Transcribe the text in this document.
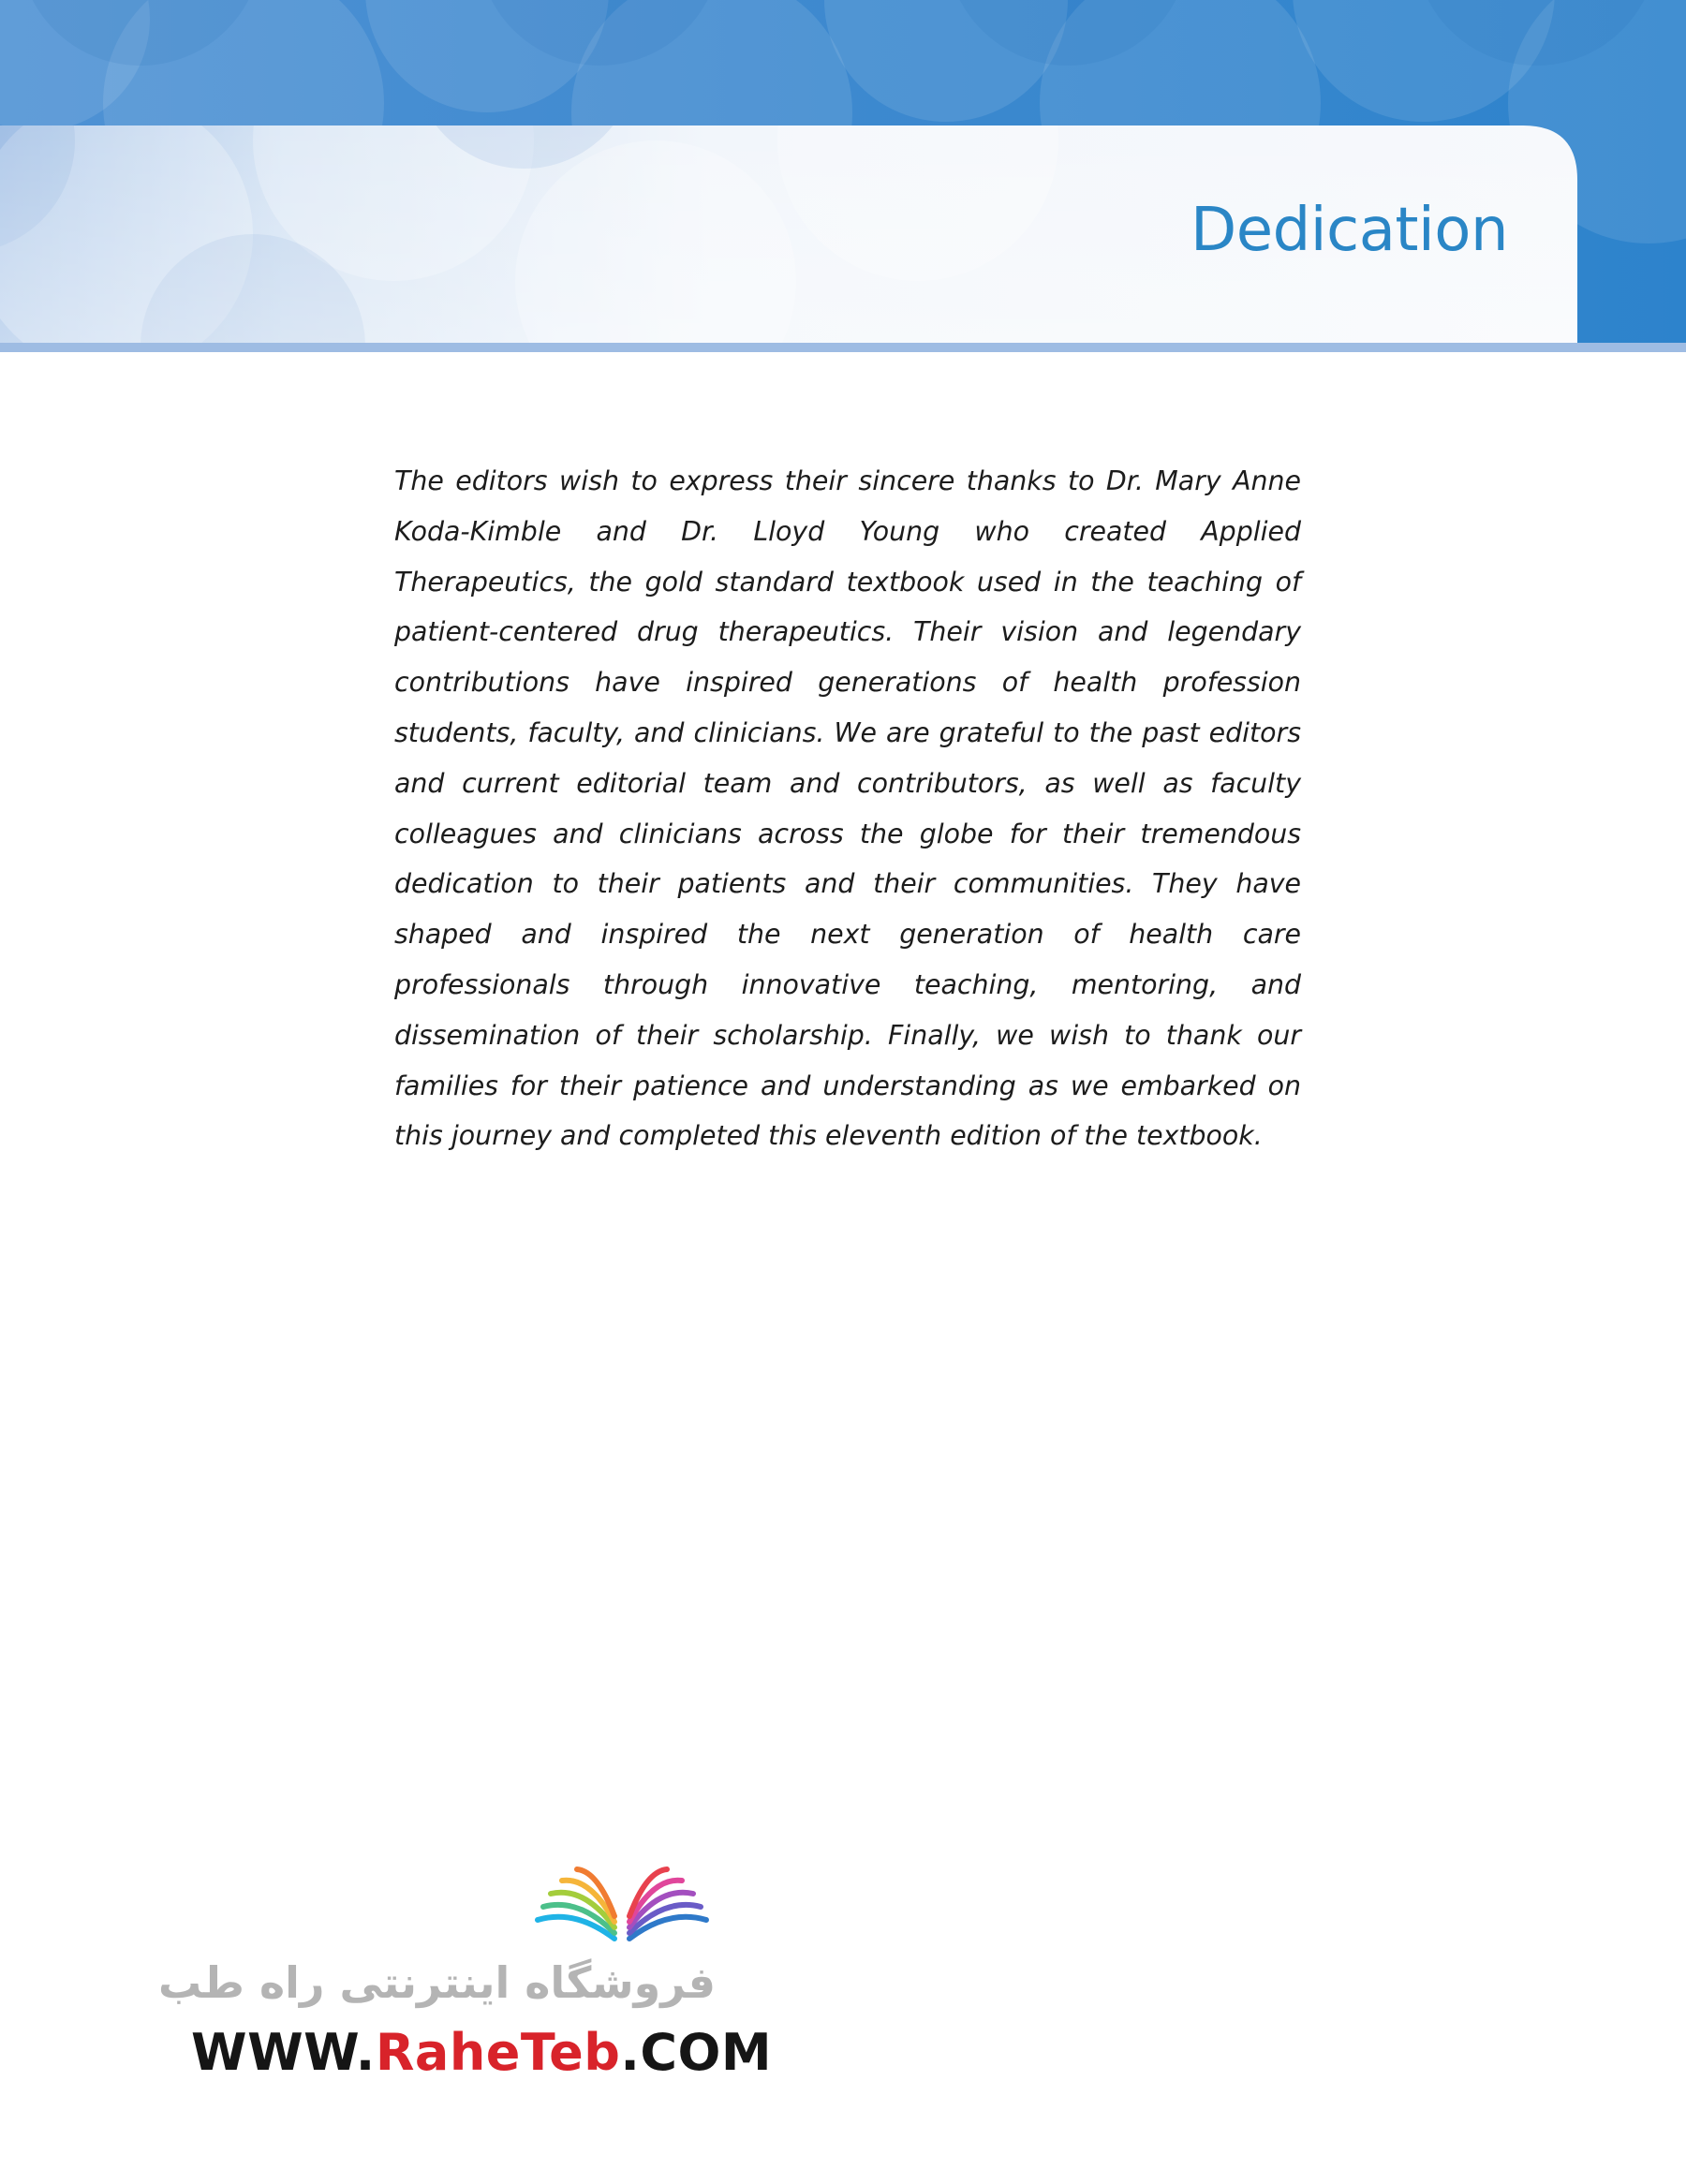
Dedication

The editors wish to express their sincere thanks to Dr. Mary Anne Koda-Kimble and Dr. Lloyd Young who created Applied Therapeutics, the gold standard textbook used in the teaching of patient-centered drug therapeutics. Their vision and legendary contributions have inspired generations of health profession students, faculty, and clinicians. We are grateful to the past editors and current editorial team and contributors, as well as faculty colleagues and clinicians across the globe for their tremendous dedication to their patients and their communities. They have shaped and inspired the next generation of health care professionals through innovative teaching, mentoring, and dissemination of their scholarship. Finally, we wish to thank our families for their patience and understanding as we embarked on this journey and completed this eleventh edition of the textbook.

فروشگاه اینترنتی راه طب
WWW.RaheTeb.COM
